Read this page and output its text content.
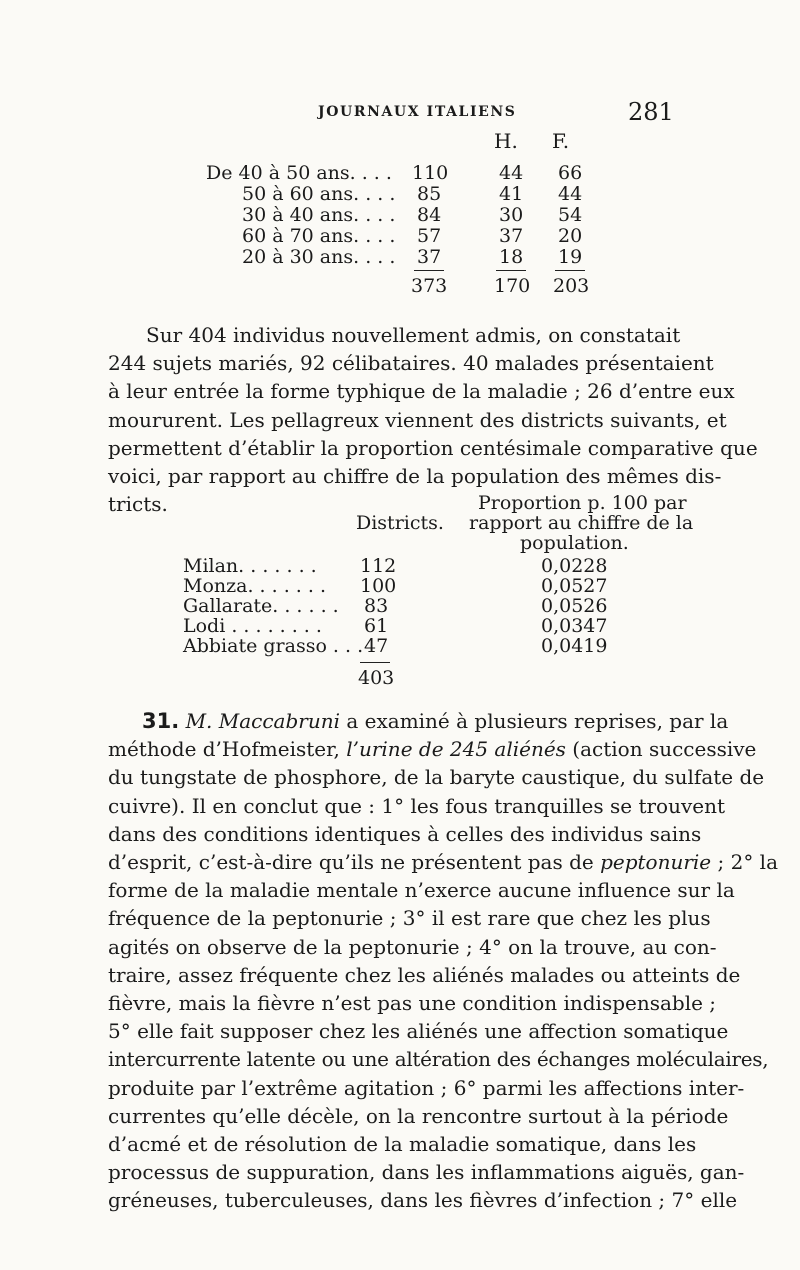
JOURNAUX ITALIENS	281
H. F.
De 40 à 50 ans. . . . 110	44 66
50 à 60 ans. . . . 85	41 44
30 à 40 ans. . . . 84	30 54
60 à 70 ans. . . . 57	37 20
20 à 30 ans. . . . 37	18 19
373 170 203
Sur 404 individus nouvellement admis, on constatait
244 sujets mariés, 92 célibataires. 40 malades présentaient
à leur entrée la forme typhique de la maladie ; 26 d’entre eux
moururent. Les pellagreux viennent des districts suivants, et
permettent d’établir la proportion centésimale comparative que
voici, par rapport au chiffre de la population des mêmes dis-
tricts.
Districts.
Proportion p. 100 par
rapport au chiffre de la
population.
Milan. . . . . . . 112	0,0228
Monza. . . . . . . 100	0,0527
Gallarate. . . . . . 83	0,0526
Lodi . . . . . . . . 61	0,0347
Abbiate grasso . . . 47	0,0419
403
31. M. Maccabruni a examiné à plusieurs reprises, par la
méthode d’Hofmeister, l’urine de 245 aliénés (action successive
du tungstate de phosphore, de la baryte caustique, du sulfate de
cuivre). Il en conclut que : 1° les fous tranquilles se trouvent
dans des conditions identiques à celles des individus sains
d’esprit, c’est-à-dire qu’ils ne présentent pas de peptonurie ; 2° la
forme de la maladie mentale n’exerce aucune influence sur la
fréquence de la peptonurie ; 3° il est rare que chez les plus
agités on observe de la peptonurie ; 4° on la trouve, au con-
traire, assez fréquente chez les aliénés malades ou atteints de
fièvre, mais la fièvre n’est pas une condition indispensable ;
5° elle fait supposer chez les aliénés une affection somatique
intercurrente latente ou une altération des échanges moléculaires,
produite par l’extrême agitation ; 6° parmi les affections inter-
currentes qu’elle décèle, on la rencontre surtout à la période
d’acmé et de résolution de la maladie somatique, dans les
processus de suppuration, dans les inflammations aiguës, gan-
gréneuses, tuberculeuses, dans les fièvres d’infection ; 7° elle
